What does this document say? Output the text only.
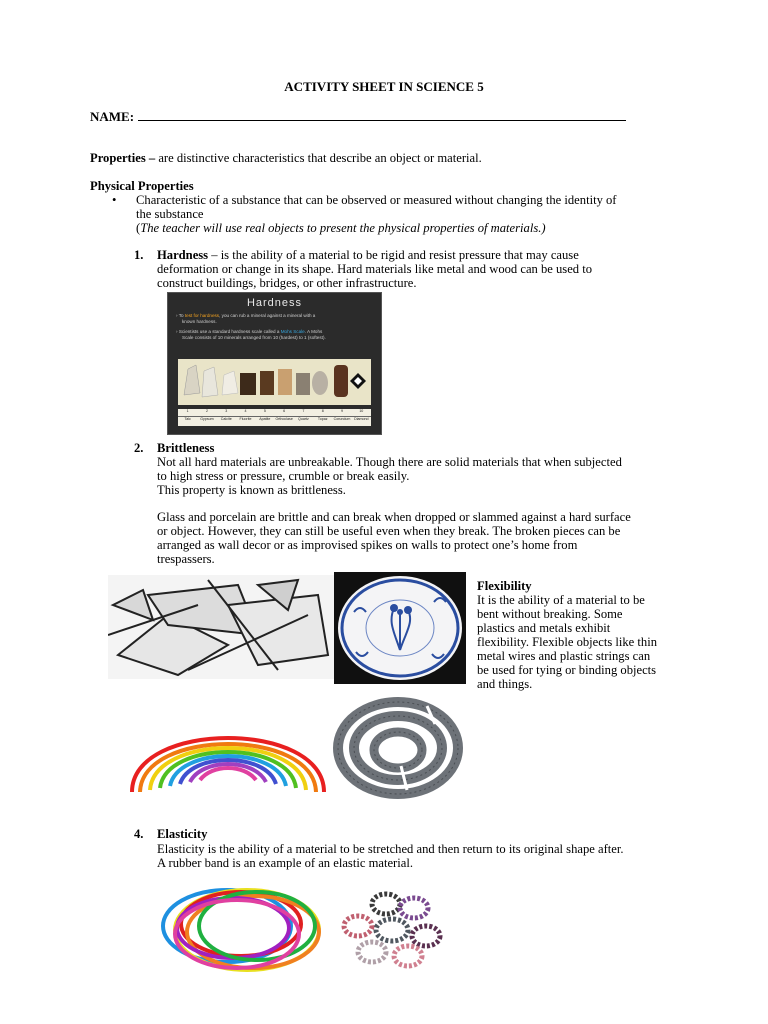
ACTIVITY SHEET IN SCIENCE 5
NAME:
Properties – are distinctive characteristics that describe an object or material.
Physical Properties
• Characteristic of a substance that can be observed or measured without changing the identity of
the substance
(The teacher will use real objects to present the physical properties of materials.)
1. Hardness – is the ability of a material to be rigid and resist pressure that may cause
deformation or change in its shape. Hard materials like metal and wood can be used to
construct buildings, bridges, or other infrastructure.
Hardness
› To test for hardness, you can rub a mineral against a mineral with a
known hardness.
› Scientists use a standard hardness scale called a Mohs Scale. A Mohs
Scale consists of 10 minerals arranged from 10 (hardest) to 1 (softest).
1	2	3	4	5	6	7	8	9	10
Talc	Gypsum	Calcite	Fluorite	Apatite	Orthoclase	Quartz	Topaz	Corundum	Diamond
2. Brittleness
Not all hard materials are unbreakable. Though there are solid materials that when subjected
to high stress or pressure, crumble or break easily.
This property is known as brittleness.
Glass and porcelain are brittle and can break when dropped or slammed against a hard surface
or object. However, they can still be useful even when they break. The broken pieces can be
arranged as wall decor or as improvised spikes on walls to protect one’s home from
trespassers.
Flexibility
It is the ability of a material to be
bent without breaking. Some
plastics and metals exhibit
flexibility. Flexible objects like thin
metal wires and plastic strings can
be used for tying or binding objects
and things.
4. Elasticity
Elasticity is the ability of a material to be stretched and then return to its original shape after.
A rubber band is an example of an elastic material.
